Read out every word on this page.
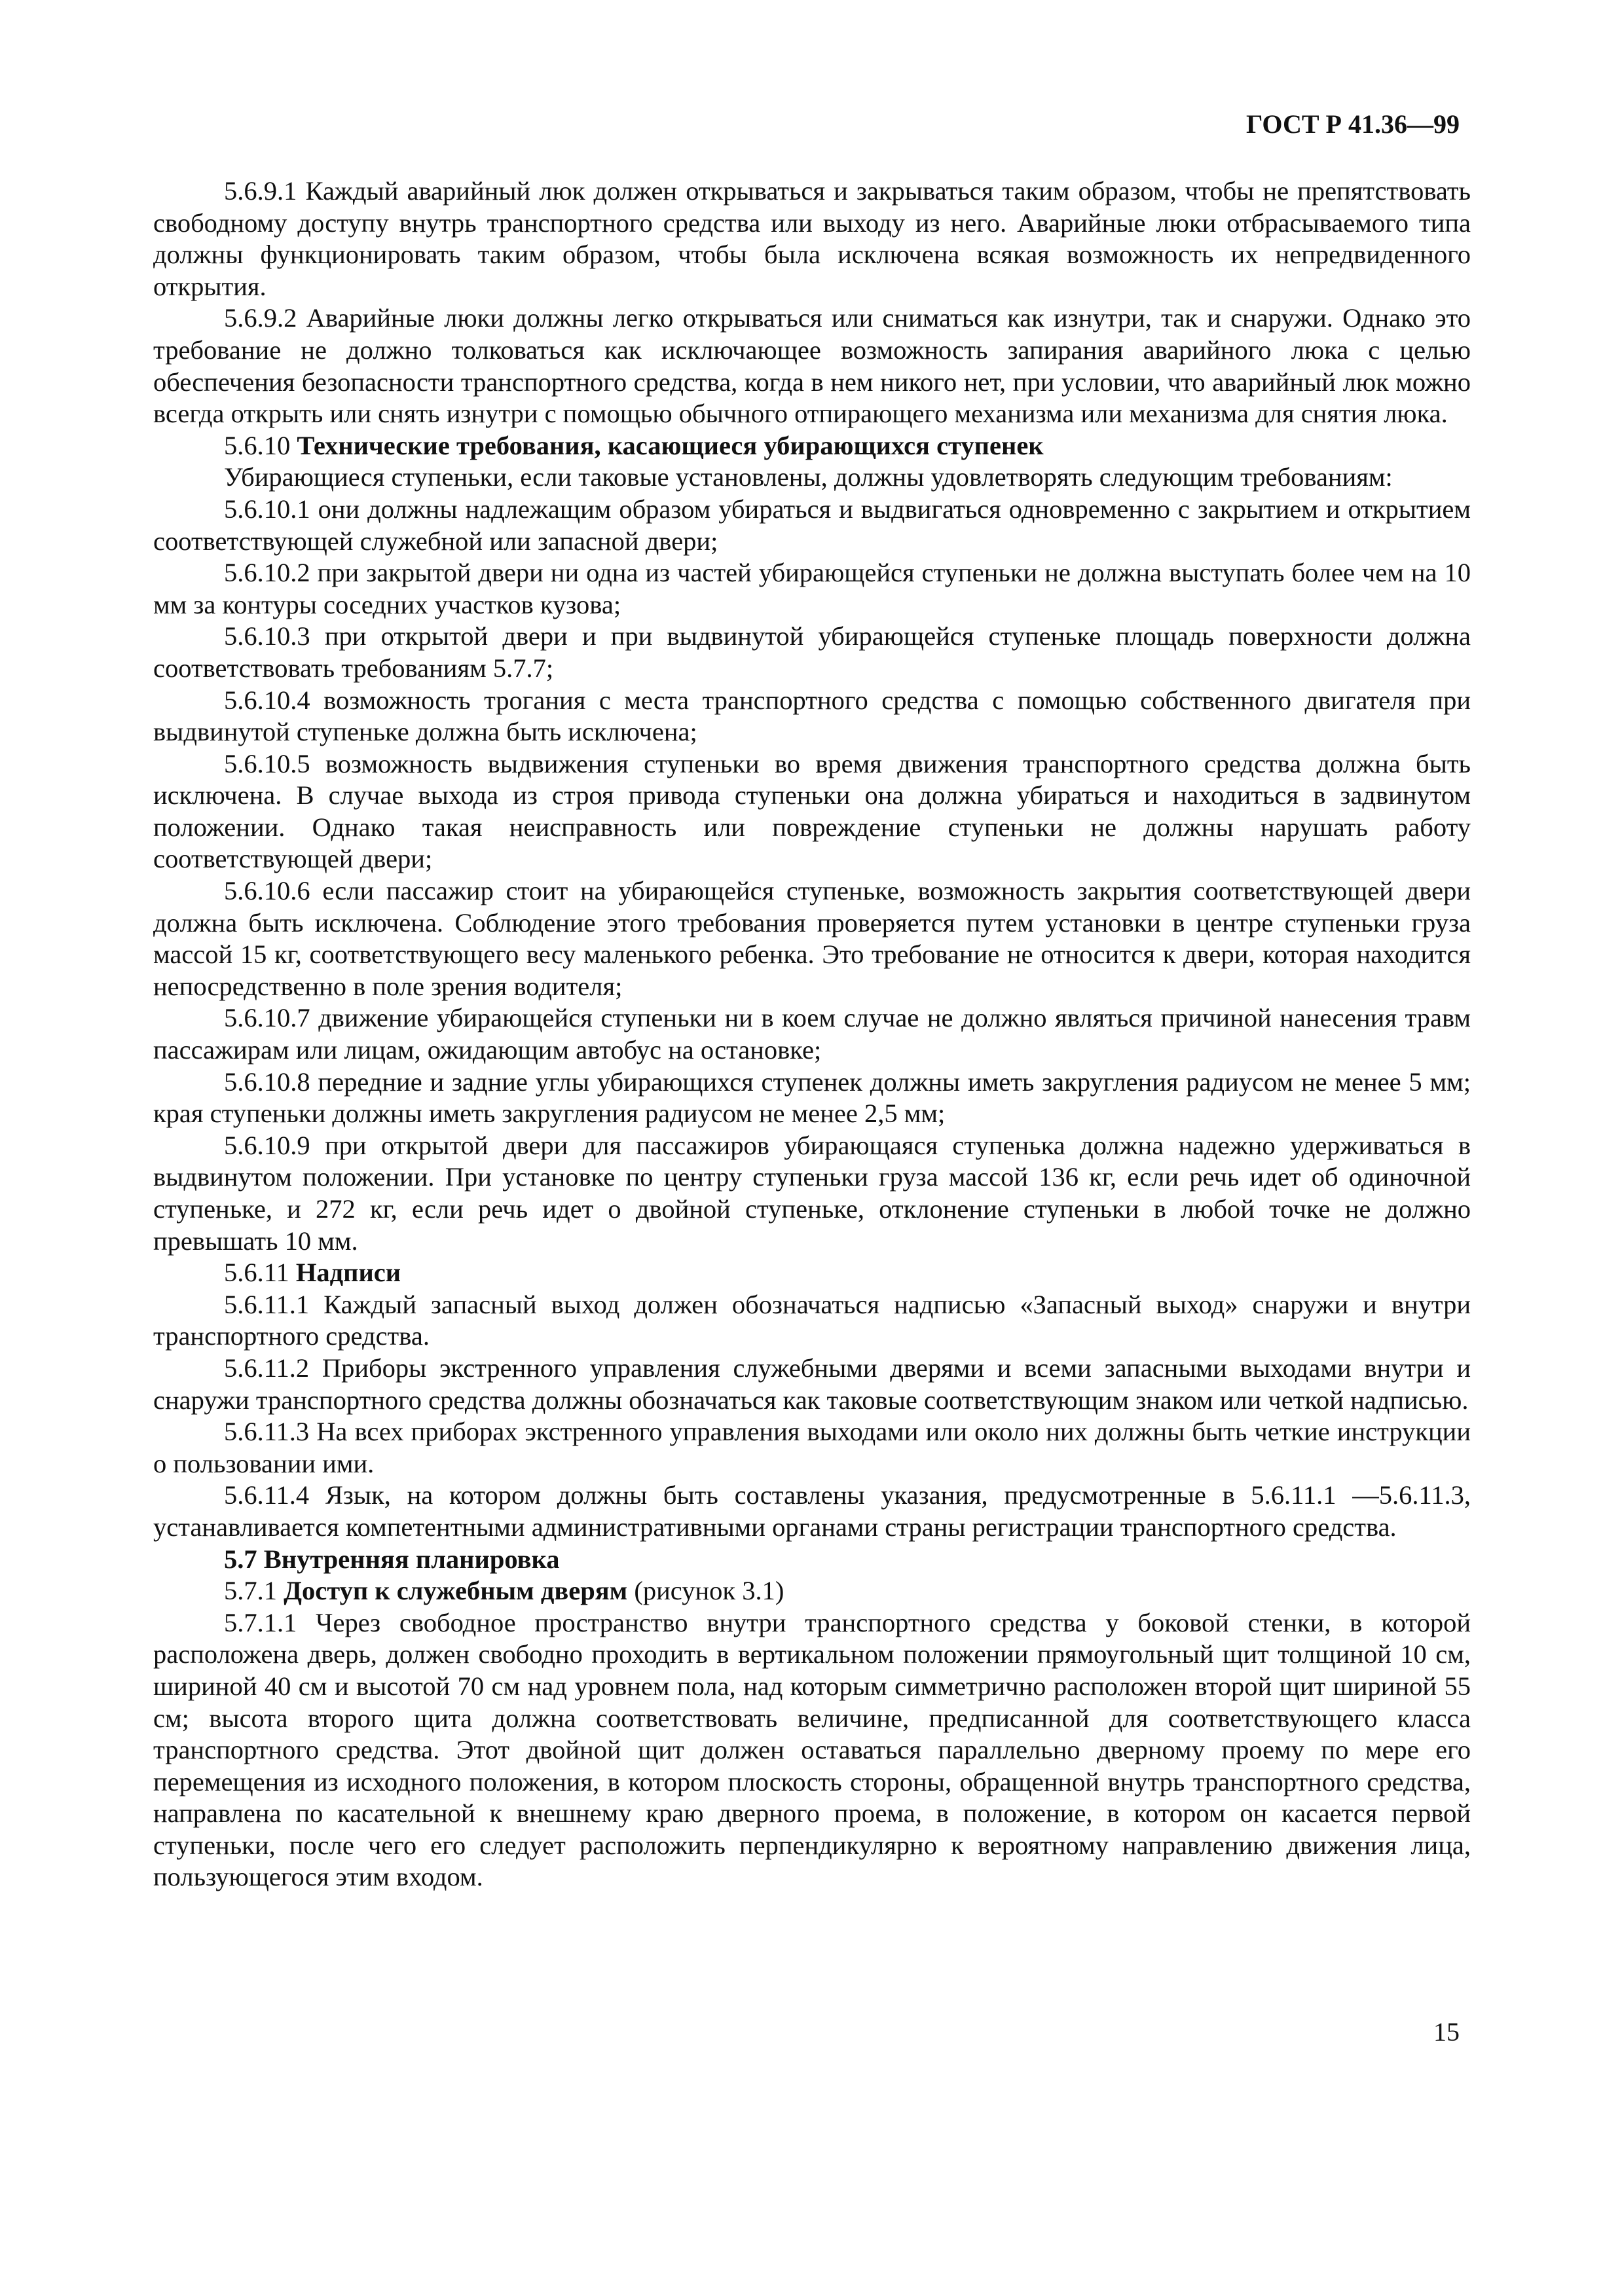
ГОСТ Р 41.36—99

5.6.9.1 Каждый аварийный люк должен открываться и закрываться таким образом, чтобы не препятствовать свободному доступу внутрь транспортного средства или выходу из него. Аварийные люки отбрасываемого типа должны функционировать таким образом, чтобы была исключена всякая возможность их непредвиденного открытия.

5.6.9.2 Аварийные люки должны легко открываться или сниматься как изнутри, так и снаружи. Однако это требование не должно толковаться как исключающее возможность запирания аварийного люка с целью обеспечения безопасности транспортного средства, когда в нем никого нет, при условии, что аварийный люк можно всегда открыть или снять изнутри с помощью обычного отпирающего механизма или механизма для снятия люка.

5.6.10 Технические требования, касающиеся убирающихся ступенек

Убирающиеся ступеньки, если таковые установлены, должны удовлетворять следующим требованиям:

5.6.10.1 они должны надлежащим образом убираться и выдвигаться одновременно с закрытием и открытием соответствующей служебной или запасной двери;

5.6.10.2 при закрытой двери ни одна из частей убирающейся ступеньки не должна выступать более чем на 10 мм за контуры соседних участков кузова;

5.6.10.3 при открытой двери и при выдвинутой убирающейся ступеньке площадь поверхности должна соответствовать требованиям 5.7.7;

5.6.10.4 возможность трогания с места транспортного средства с помощью собственного двигателя при выдвинутой ступеньке должна быть исключена;

5.6.10.5 возможность выдвижения ступеньки во время движения транспортного средства должна быть исключена. В случае выхода из строя привода ступеньки она должна убираться и находиться в задвинутом положении. Однако такая неисправность или повреждение ступеньки не должны нарушать работу соответствующей двери;

5.6.10.6 если пассажир стоит на убирающейся ступеньке, возможность закрытия соответствующей двери должна быть исключена. Соблюдение этого требования проверяется путем установки в центре ступеньки груза массой 15 кг, соответствующего весу маленького ребенка. Это требование не относится к двери, которая находится непосредственно в поле зрения водителя;

5.6.10.7 движение убирающейся ступеньки ни в коем случае не должно являться причиной нанесения травм пассажирам или лицам, ожидающим автобус на остановке;

5.6.10.8 передние и задние углы убирающихся ступенек должны иметь закругления радиусом не менее 5 мм; края ступеньки должны иметь закругления радиусом не менее 2,5 мм;

5.6.10.9 при открытой двери для пассажиров убирающаяся ступенька должна надежно удерживаться в выдвинутом положении. При установке по центру ступеньки груза массой 136 кг, если речь идет об одиночной ступеньке, и 272 кг, если речь идет о двойной ступеньке, отклонение ступеньки в любой точке не должно превышать 10 мм.

5.6.11 Надписи

5.6.11.1 Каждый запасный выход должен обозначаться надписью «Запасный выход» снаружи и внутри транспортного средства.

5.6.11.2 Приборы экстренного управления служебными дверями и всеми запасными выходами внутри и снаружи транспортного средства должны обозначаться как таковые соответствующим знаком или четкой надписью.

5.6.11.3 На всех приборах экстренного управления выходами или около них должны быть четкие инструкции о пользовании ими.

5.6.11.4 Язык, на котором должны быть составлены указания, предусмотренные в 5.6.11.1 —5.6.11.3, устанавливается компетентными административными органами страны регистрации транспортного средства.

5.7 Внутренняя планировка

5.7.1 Доступ к служебным дверям (рисунок 3.1)

5.7.1.1 Через свободное пространство внутри транспортного средства у боковой стенки, в которой расположена дверь, должен свободно проходить в вертикальном положении прямоугольный щит толщиной 10 см, шириной 40 см и высотой 70 см над уровнем пола, над которым симметрично расположен второй щит шириной 55 см; высота второго щита должна соответствовать величине, предписанной для соответствующего класса транспортного средства. Этот двойной щит должен оставаться параллельно дверному проему по мере его перемещения из исходного положения, в котором плоскость стороны, обращенной внутрь транспортного средства, направлена по касательной к внешнему краю дверного проема, в положение, в котором он касается первой ступеньки, после чего его следует расположить перпендикулярно к вероятному направлению движения лица, пользующегося этим входом.

15
